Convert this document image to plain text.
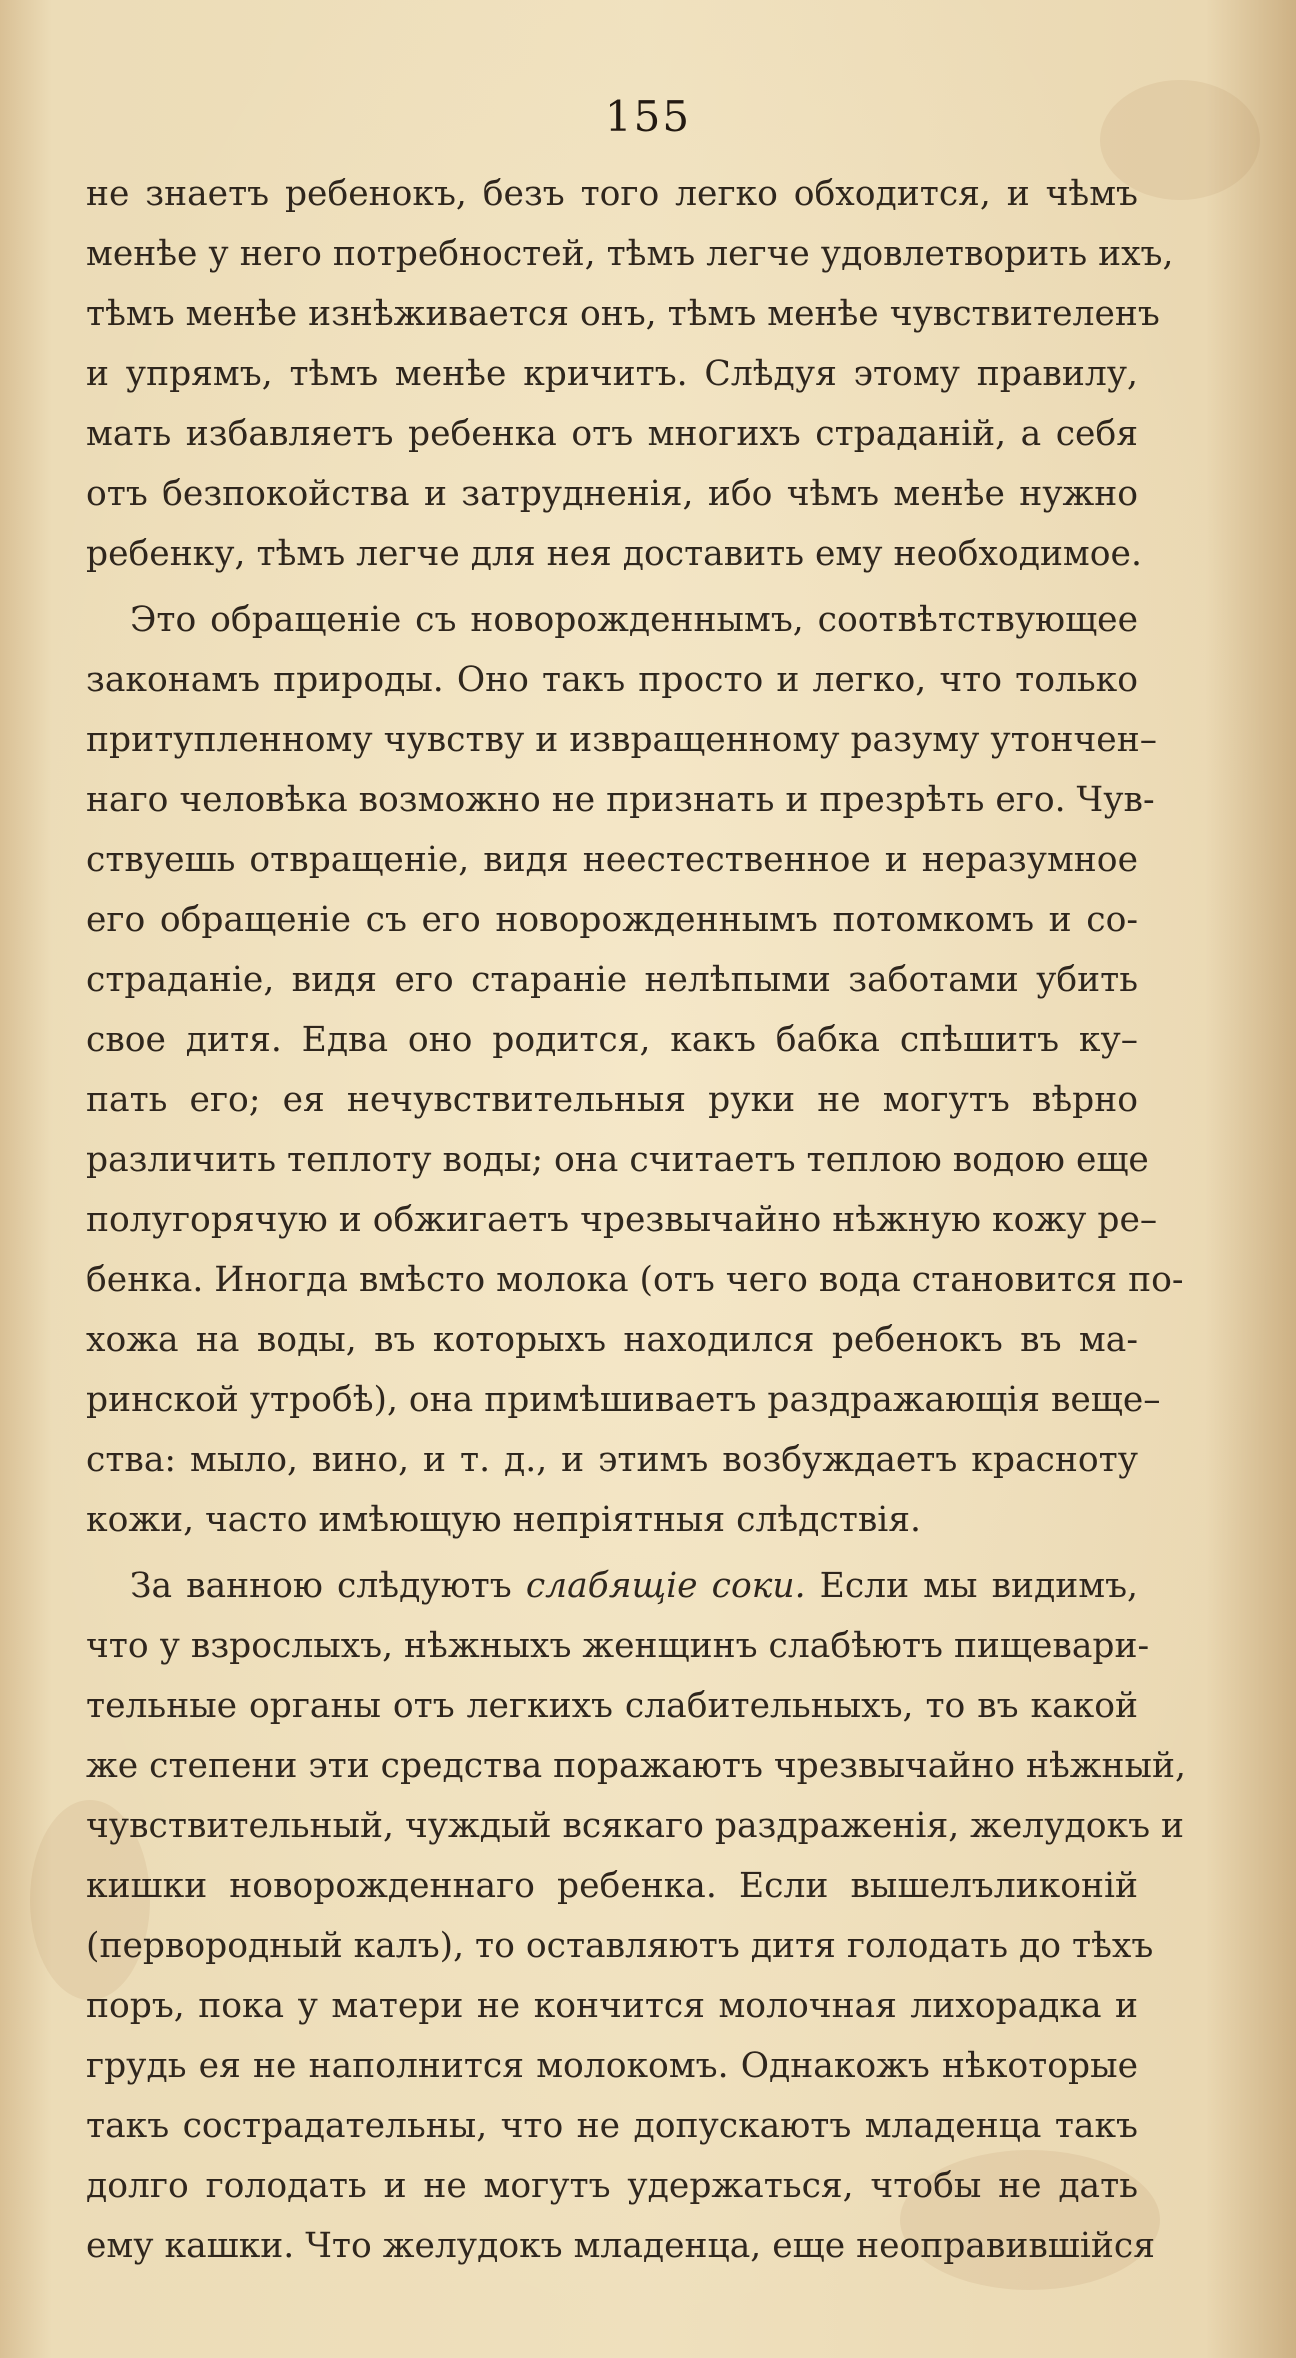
155
не знаетъ ребенокъ, безъ того легко обходится, и чѣмъ
менѣе у него потребностей, тѣмъ легче удовлетворить ихъ,
тѣмъ менѣе изнѣживается онъ, тѣмъ менѣе чувствителенъ
и упрямъ, тѣмъ менѣе кричитъ. Слѣдуя этому правилу,
мать избавляетъ ребенка отъ многихъ страданій, а себя
отъ безпокойства и затрудненія, ибо чѣмъ менѣе нужно
ребенку, тѣмъ легче для нея доставить ему необходимое.
Это обращеніе съ новорожденнымъ, соотвѣтствующее
законамъ природы. Оно такъ просто и легко, что только
притупленному чувству и извращенному разуму утончен–
наго человѣка возможно не признать и презрѣть его. Чув-
ствуешь отвращеніе, видя неестественное и неразумное
его обращеніе съ его новорожденнымъ потомкомъ и со-
страданіе, видя его стараніе нелѣпыми заботами убить
свое дитя. Едва оно родится, какъ бабка спѣшитъ ку–
пать его; ея нечувствительныя руки не могутъ вѣрно
различить теплоту воды; она считаетъ теплою водою еще
полугорячую и обжигаетъ чрезвычайно нѣжную кожу ре–
бенка. Иногда вмѣсто молока (отъ чего вода становится по-
хожа на воды, въ которыхъ находился ребенокъ въ ма-
ринской утробѣ), она примѣшиваетъ раздражающія веще–
ства: мыло, вино, и т. д., и этимъ возбуждаетъ красноту
кожи, часто имѣющую непріятныя слѣдствія.
За ванною слѣдуютъ слабящіе соки. Если мы видимъ,
что у взрослыхъ, нѣжныхъ женщинъ слабѣютъ пищевари-
тельные органы отъ легкихъ слабительныхъ, то въ какой
же степени эти средства поражаютъ чрезвычайно нѣжный,
чувствительный, чуждый всякаго раздраженія, желудокъ и
кишки новорожденнаго ребенка. Если вышелъликоній
(первородный калъ), то оставляютъ дитя голодать до тѣхъ
поръ, пока у матери не кончится молочная лихорадка и
грудь ея не наполнится молокомъ. Однакожъ нѣкоторые
такъ сострадательны, что не допускаютъ младенца такъ
долго голодать и не могутъ удержаться, чтобы не дать
ему кашки. Что желудокъ младенца, еще неоправившійся
